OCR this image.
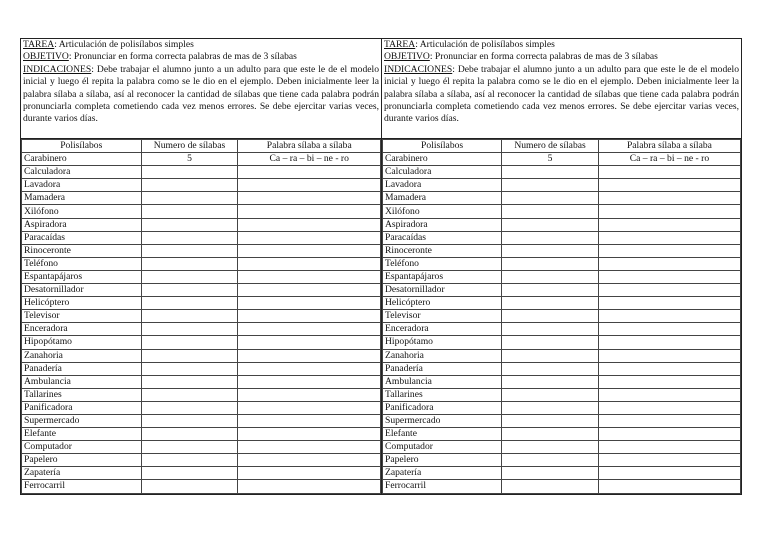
TAREA: Articulación de polisílabos simples
OBJETIVO: Pronunciar en forma correcta palabras de mas de 3 sílabas
INDICACIONES: Debe trabajar el alumno junto a un adulto para que este le de el modelo inicial y luego él repita la palabra como se le dio en el ejemplo. Deben inicialmente leer la palabra sílaba a sílaba, así al reconocer la cantidad de sílabas que tiene cada palabra podrán pronunciarla completa cometiendo cada vez menos errores. Se debe ejercitar varias veces, durante varios días.
Polisílabos	Numero de sílabas	Palabra sílaba a sílaba
Carabinero	5	Ca – ra – bi – ne - ro
Calculadora		
Lavadora		
Mamadera		
Xilófono		
Aspiradora		
Paracaídas		
Rinoceronte		
Teléfono		
Espantapájaros		
Desatornillador		
Helicóptero		
Televisor		
Enceradora		
Hipopótamo		
Zanahoria		
Panadería		
Ambulancia		
Tallarines		
Panificadora		
Supermercado		
Elefante		
Computador		
Papelero		
Zapatería		
Ferrocarril		
TAREA: Articulación de polisílabos simples
OBJETIVO: Pronunciar en forma correcta palabras de mas de 3 sílabas
INDICACIONES: Debe trabajar el alumno junto a un adulto para que este le de el modelo inicial y luego él repita la palabra como se le dio en el ejemplo. Deben inicialmente leer la palabra sílaba a sílaba, así al reconocer la cantidad de sílabas que tiene cada palabra podrán pronunciarla completa cometiendo cada vez menos errores. Se debe ejercitar varias veces, durante varios días.
Polisílabos	Numero de sílabas	Palabra sílaba a sílaba
Carabinero	5	Ca – ra – bi – ne - ro
Calculadora		
Lavadora		
Mamadera		
Xilófono		
Aspiradora		
Paracaídas		
Rinoceronte		
Teléfono		
Espantapájaros		
Desatornillador		
Helicóptero		
Televisor		
Enceradora		
Hipopótamo		
Zanahoria		
Panadería		
Ambulancia		
Tallarines		
Panificadora		
Supermercado		
Elefante		
Computador		
Papelero		
Zapatería		
Ferrocarril		
